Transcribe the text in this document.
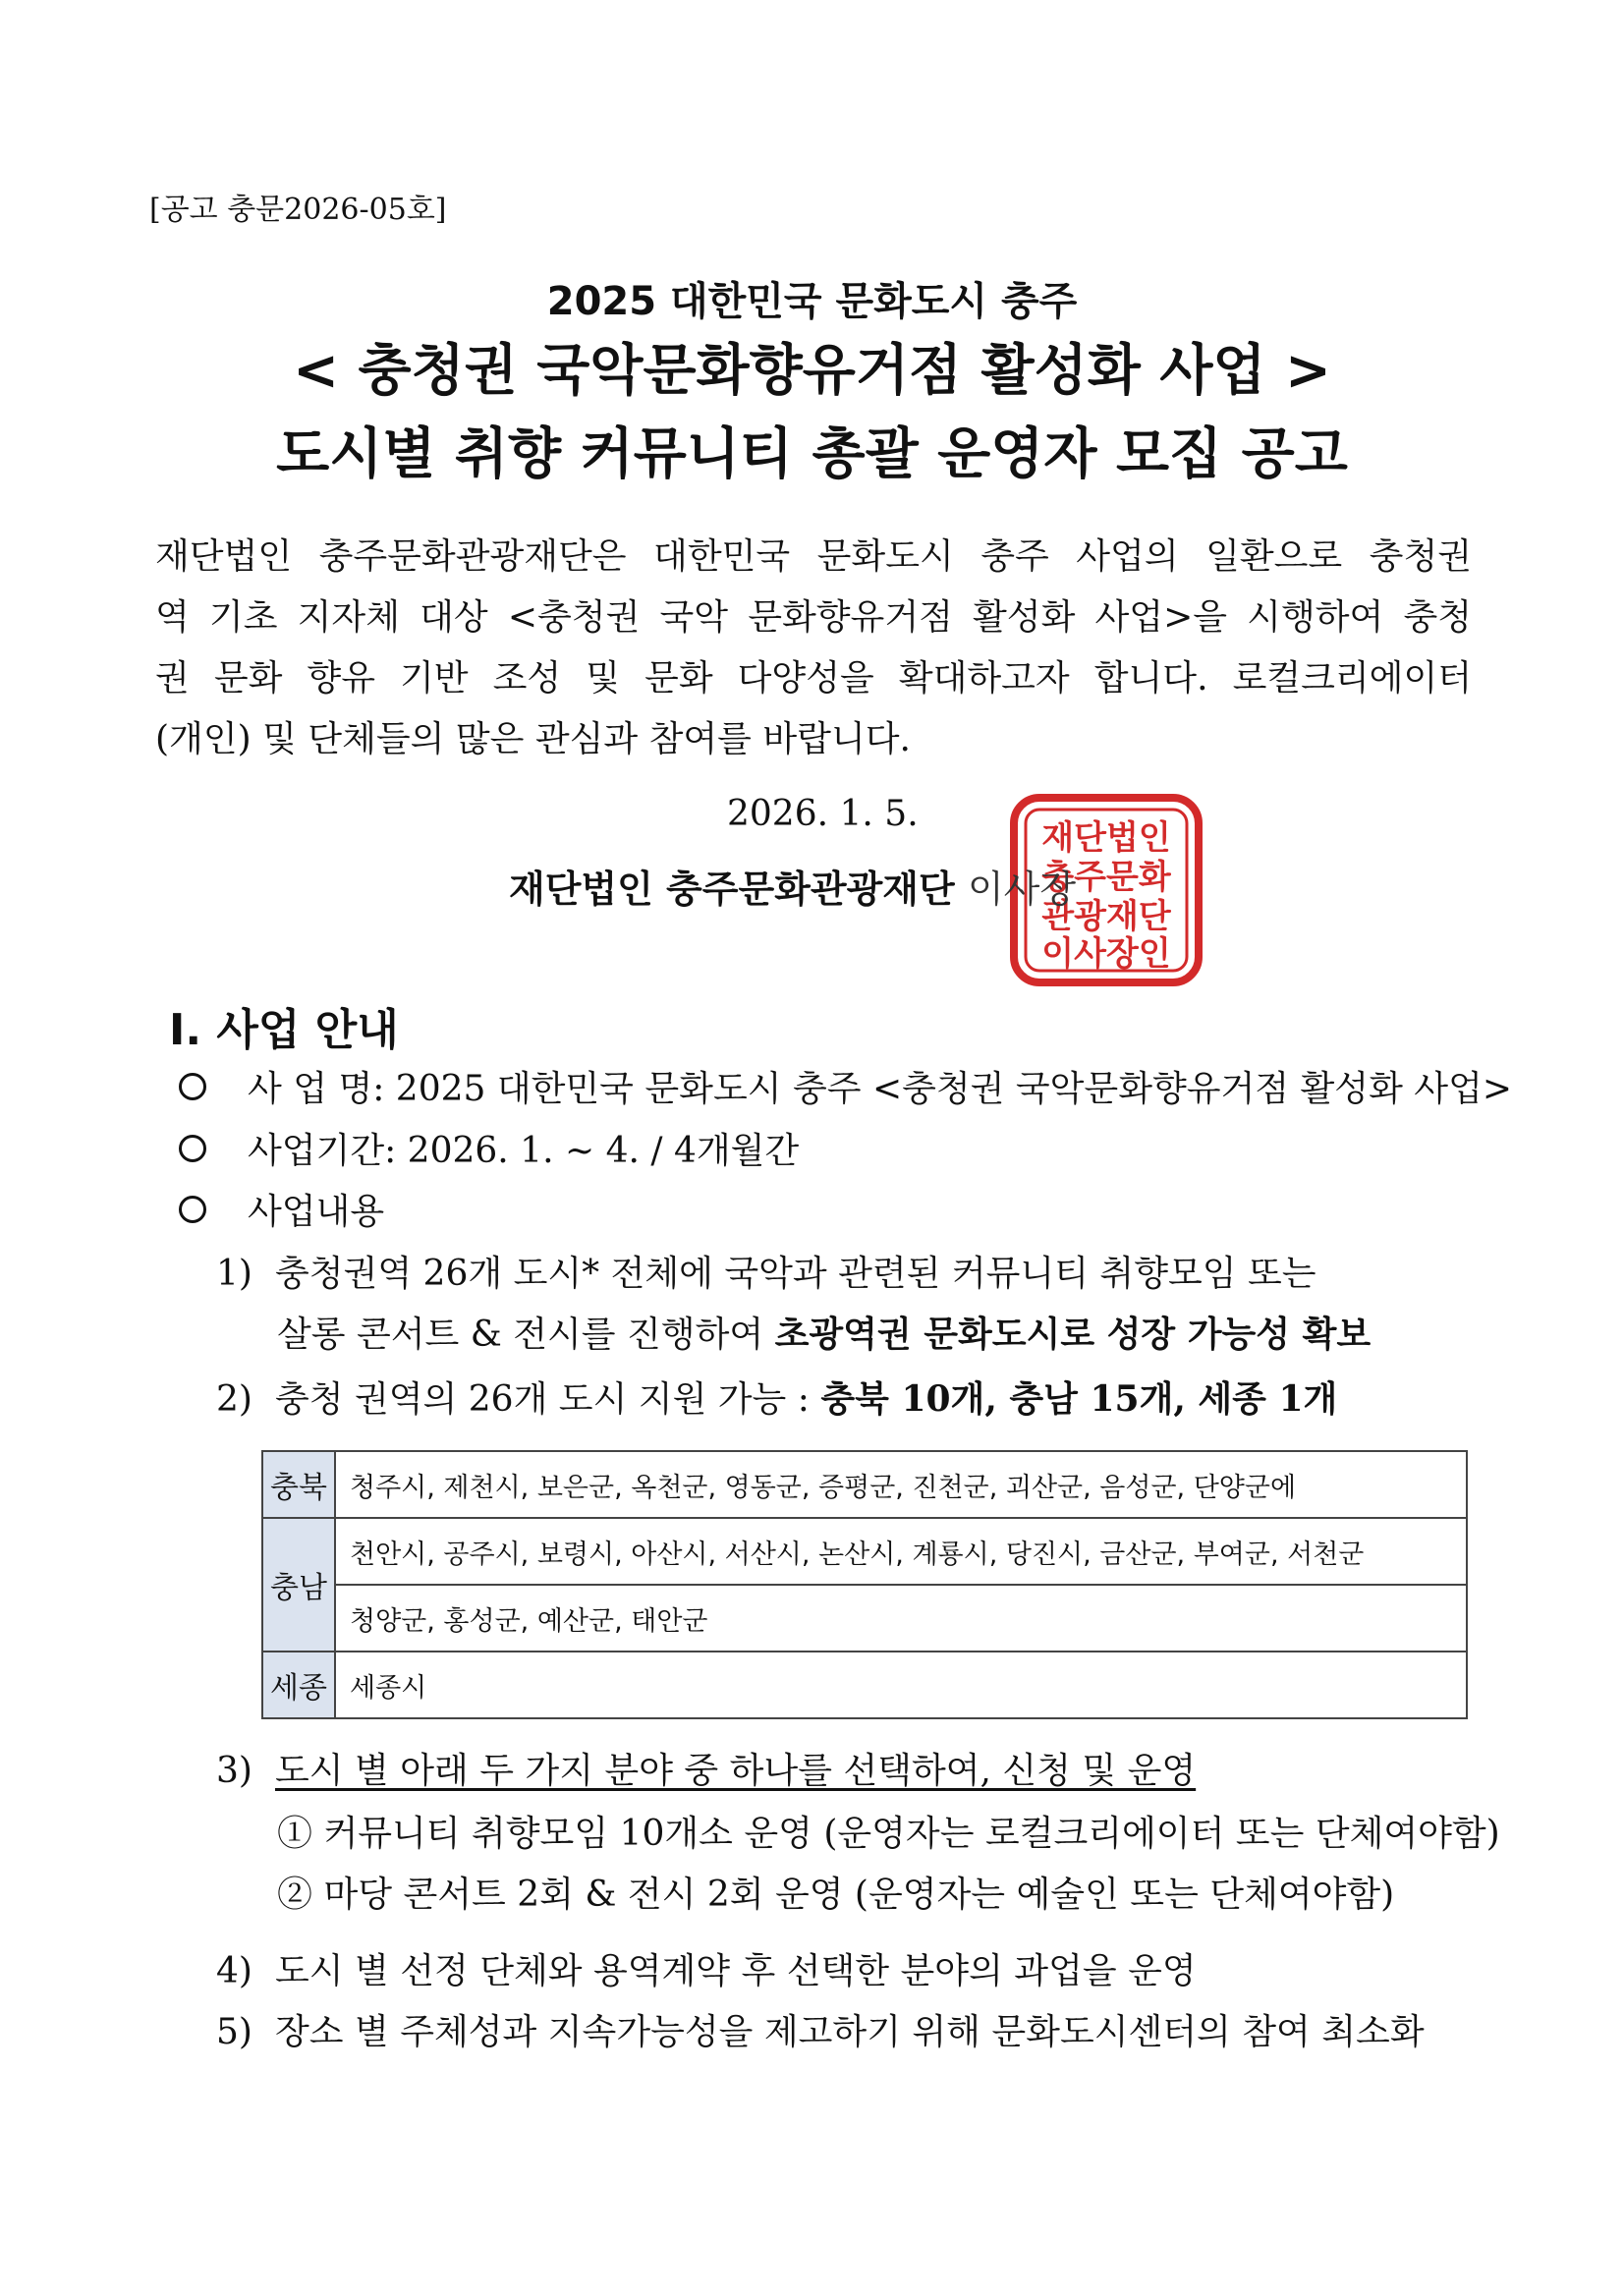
[공고 충문2026-05호]
2025 대한민국 문화도시 충주
< 충청권 국악문화향유거점 활성화 사업 >
도시별 취향 커뮤니티 총괄 운영자 모집 공고
재단법인 충주문화관광재단은 대한민국 문화도시 충주 사업의 일환으로 충청권
역 기초 지자체 대상 <충청권 국악 문화향유거점 활성화 사업>을 시행하여 충청
권 문화 향유 기반 조성 및 문화 다양성을 확대하고자 합니다. 로컬크리에이터
(개인) 및 단체들의 많은 관심과 참여를 바랍니다.
2026. 1. 5.
재단법인
충주문화
관광재단
이사장인
재단법인 충주문화관광재단 이사장
Ⅰ. 사업 안내
사 업 명: 2025 대한민국 문화도시 충주 <충청권 국악문화향유거점 활성화 사업>
사업기간: 2026. 1. ~ 4. / 4개월간
사업내용
1) 충청권역 26개 도시* 전체에 국악과 관련된 커뮤니티 취향모임 또는
살롱 콘서트 & 전시를 진행하여 초광역권 문화도시로 성장 가능성 확보
2) 충청 권역의 26개 도시 지원 가능 : 충북 10개, 충남 15개, 세종 1개
충북	청주시, 제천시, 보은군, 옥천군, 영동군, 증평군, 진천군, 괴산군, 음성군, 단양군에
충남	천안시, 공주시, 보령시, 아산시, 서산시, 논산시, 계룡시, 당진시, 금산군, 부여군, 서천군
	청양군, 홍성군, 예산군, 태안군
세종	세종시
3) 도시 별 아래 두 가지 분야 중 하나를 선택하여, 신청 및 운영
① 커뮤니티 취향모임 10개소 운영 (운영자는 로컬크리에이터 또는 단체여야함)
② 마당 콘서트 2회 & 전시 2회 운영 (운영자는 예술인 또는 단체여야함)
4) 도시 별 선정 단체와 용역계약 후 선택한 분야의 과업을 운영
5) 장소 별 주체성과 지속가능성을 제고하기 위해 문화도시센터의 참여 최소화
